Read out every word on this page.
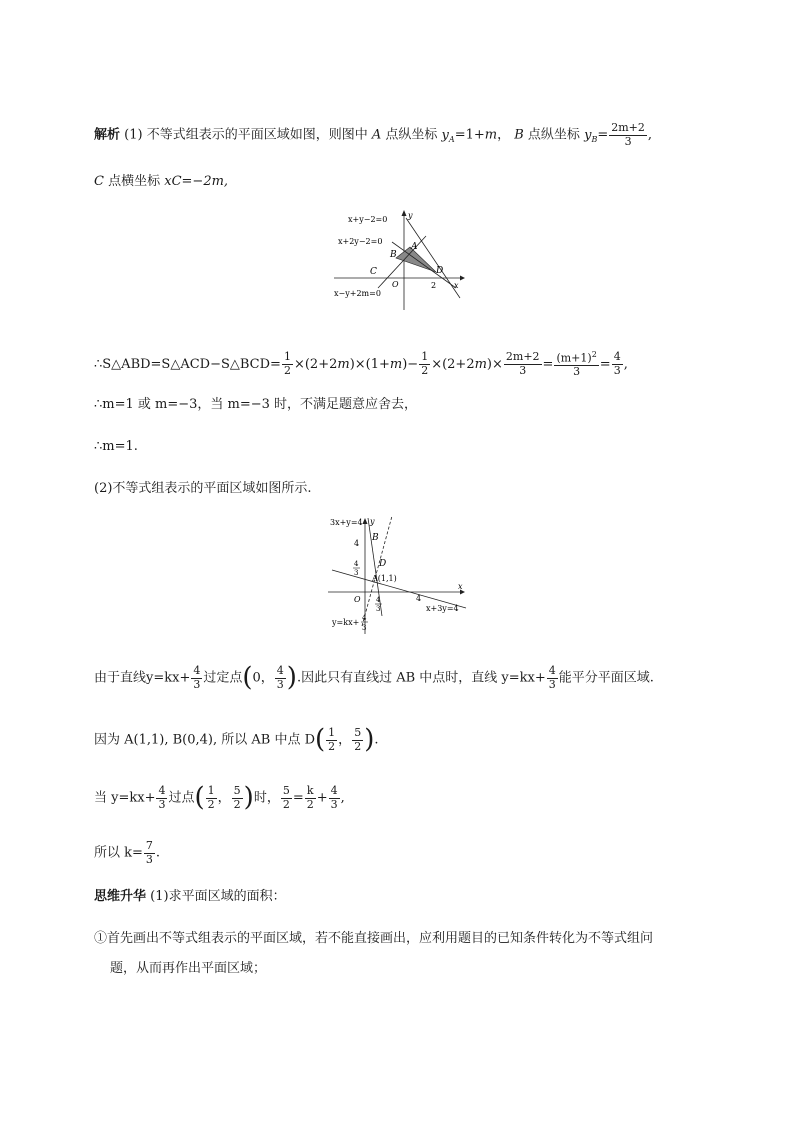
解析 (1) 不等式组表示的平面区域如图，则图中 A 点纵坐标 $y_A=1+m$， B 点纵坐标 $y_B= \frac{2m+2}{3}$ ,
C 点横坐标 xC=−2m,
x+y−2=0
x+2y−2=0
x−y+2m=0
A
B
C	D
O	2 x
y
∴S△ABD=S△ACD−S△BCD= $\frac{1}{2} \times(2+2m)\times(1+m)- \frac{1}{2} \times(2+2m)\times \frac{2m+2}{3} = \frac{(m+1)^2}{3} = \frac{4}{3}$ ,
∴m=1 或 m=−3，当 m=−3 时，不满足题意应舍去，
∴m=1.
(2)不等式组表示的平面区域如图所示.
3x+y=4 y
4
B
4
3
D
A(1,1)
x
O 4
3
4
x+3y=4
y=kx+ 4
3
由于直线$y=kx+ \frac{4}{3}$ 过定点(0， $\frac{4}{3}$ ).因此只有直线过 AB 中点时，直线 $y=kx+ \frac{4}{3}$ 能平分平面区域.
因为 A(1,1), B(0,4), 所以 AB 中点 $D( \frac{1}{2}$ ， $\frac{5}{2}$ ).
当 $y=kx+ \frac{4}{3}$ 过点( $\frac{1}{2}$ ， $\frac{5}{2}$ )时， $\frac{5}{2} = \frac{k}{2} + \frac{4}{3}$ ,
所以 $k= \frac{7}{3}$ .
思维升华 (1)求平面区域的面积：
①首先画出不等式组表示的平面区域，若不能直接画出，应利用题目的已知条件转化为不等式组问
题，从而再作出平面区域；
